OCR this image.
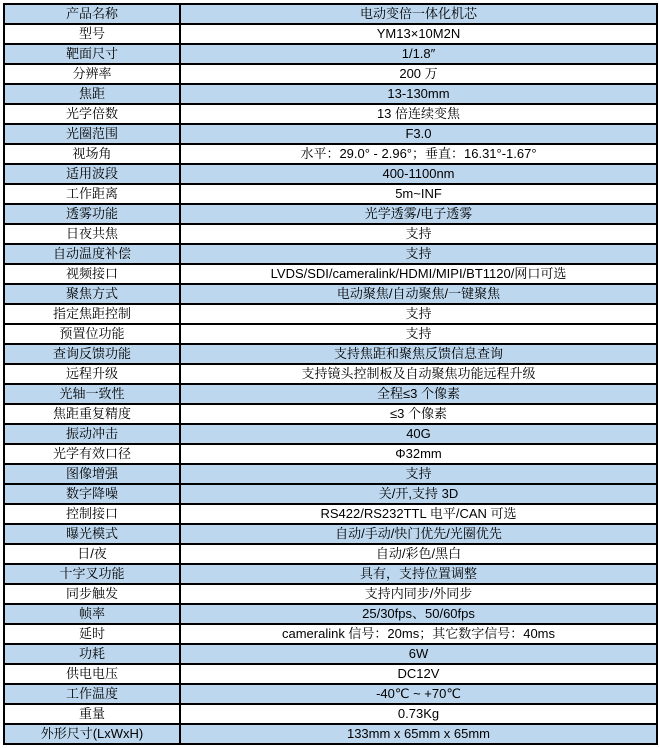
产品名称	电动变倍一体化机芯
型号	YM13×10M2N
靶面尺寸	1/1.8″
分辨率	200 万
焦距	13-130mm
光学倍数	13 倍连续变焦
光圈范围	F3.0
视场角	水平：29.0° - 2.96°；垂直：16.31°-1.67°
适用波段	400-1100nm
工作距离	5m~INF
透雾功能	光学透雾/电子透雾
日夜共焦	支持
自动温度补偿	支持
视频接口	LVDS/SDI/cameralink/HDMI/MIPI/BT1120/网口可选
聚焦方式	电动聚焦/自动聚焦/一键聚焦
指定焦距控制	支持
预置位功能	支持
查询反馈功能	支持焦距和聚焦反馈信息查询
远程升级	支持镜头控制板及自动聚焦功能远程升级
光轴一致性	全程≤3 个像素
焦距重复精度	≤3 个像素
振动冲击	40G
光学有效口径	Φ32mm
图像增强	支持
数字降噪	关/开,支持 3D
控制接口	RS422/RS232TTL 电平/CAN 可选
曝光模式	自动/手动/快门优先/光圈优先
日/夜	自动/彩色/黑白
十字叉功能	具有，支持位置调整
同步触发	支持内同步/外同步
帧率	25/30fps、50/60fps
延时	cameralink 信号：20ms；其它数字信号：40ms
功耗	6W
供电电压	DC12V
工作温度	-40℃ ~ +70℃
重量	0.73Kg
外形尺寸(LxWxH)	133mm x 65mm x 65mm
